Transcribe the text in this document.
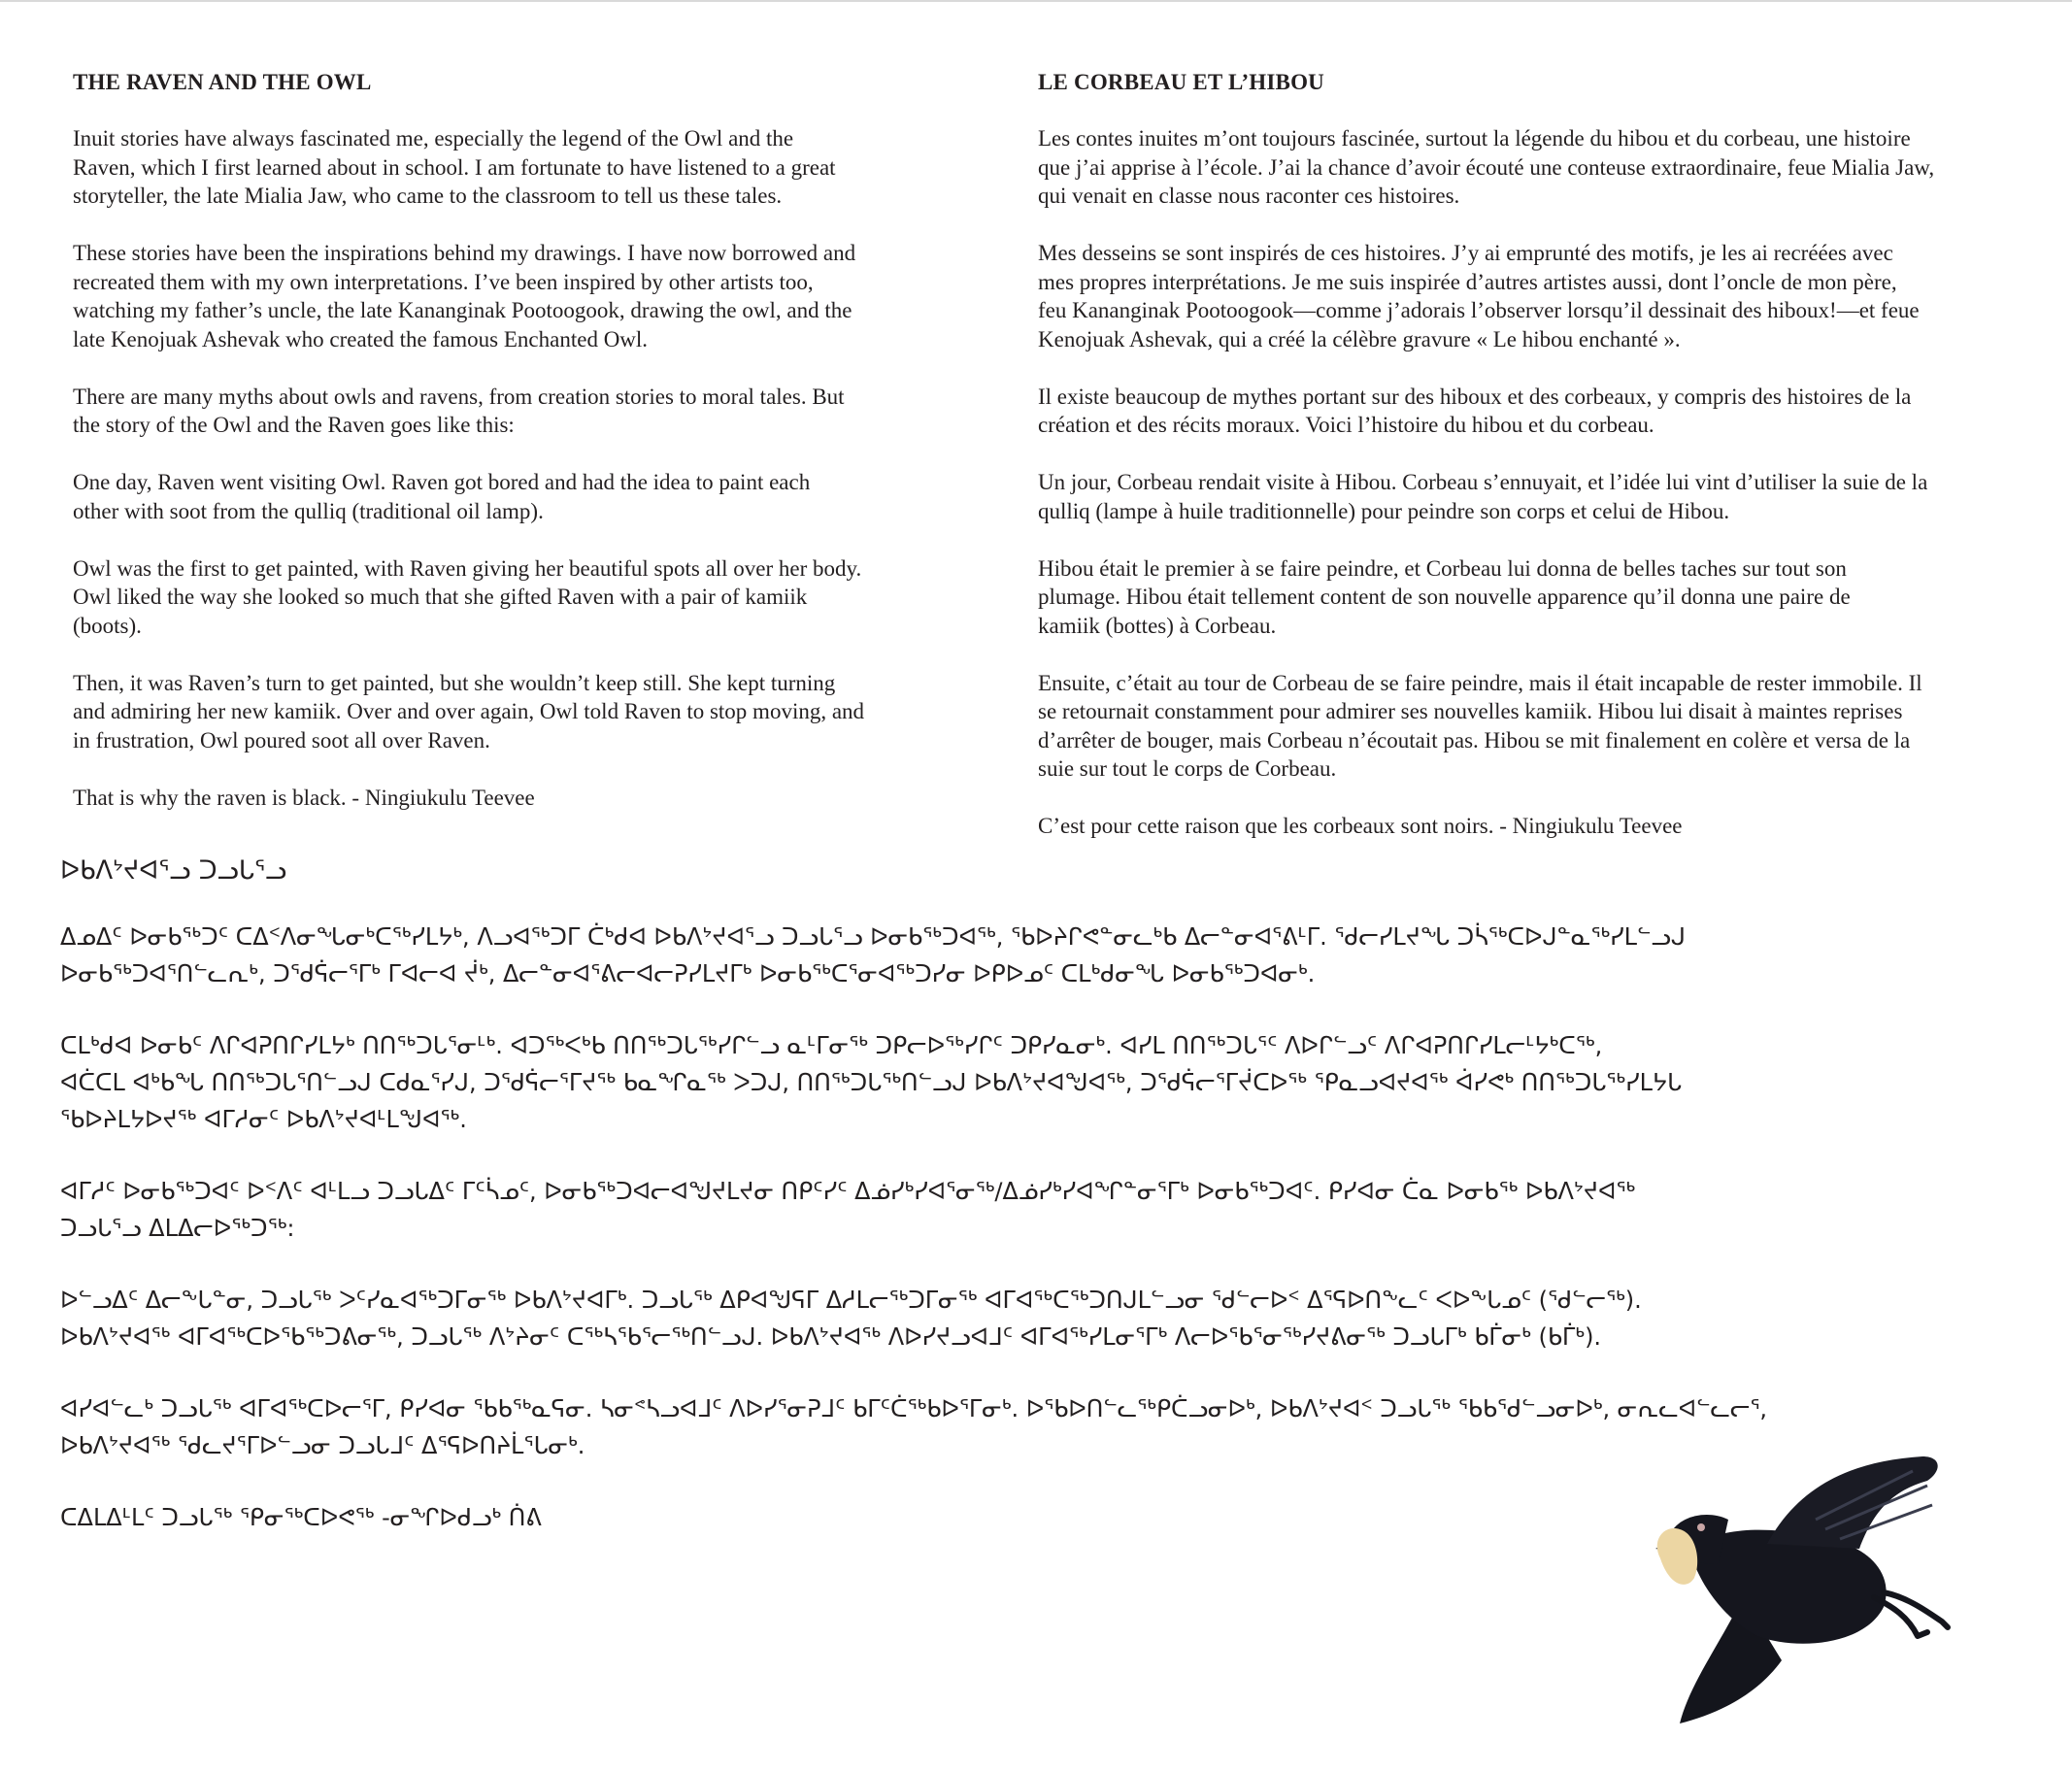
THE RAVEN AND THE OWL

Inuit stories have always fascinated me, especially the legend of the Owl and the
Raven, which I first learned about in school. I am fortunate to have listened to a great
storyteller, the late Mialia Jaw, who came to the classroom to tell us these tales.

These stories have been the inspirations behind my drawings. I have now borrowed and
recreated them with my own interpretations. I’ve been inspired by other artists too,
watching my father’s uncle, the late Kananginak Pootoogook, drawing the owl, and the
late Kenojuak Ashevak who created the famous Enchanted Owl.

There are many myths about owls and ravens, from creation stories to moral tales. But
the story of the Owl and the Raven goes like this:

One day, Raven went visiting Owl. Raven got bored and had the idea to paint each
other with soot from the qulliq (traditional oil lamp).

Owl was the first to get painted, with Raven giving her beautiful spots all over her body.
Owl liked the way she looked so much that she gifted Raven with a pair of kamiik
(boots).

Then, it was Raven’s turn to get painted, but she wouldn’t keep still. She kept turning
and admiring her new kamiik. Over and over again, Owl told Raven to stop moving, and
in frustration, Owl poured soot all over Raven.

That is why the raven is black. - Ningiukulu Teevee

LE CORBEAU ET L’HIBOU

Les contes inuites m’ont toujours fascinée, surtout la légende du hibou et du corbeau, une histoire
que j’ai apprise à l’école. J’ai la chance d’avoir écouté une conteuse extraordinaire, feue Mialia Jaw,
qui venait en classe nous raconter ces histoires.

Mes desseins se sont inspirés de ces histoires. J’y ai emprunté des motifs, je les ai recréées avec
mes propres interprétations. Je me suis inspirée d’autres artistes aussi, dont l’oncle de mon père,
feu Kananginak Pootoogook—comme j’adorais l’observer lorsqu’il dessinait des hiboux!—et feue
Kenojuak Ashevak, qui a créé la célèbre gravure « Le hibou enchanté ».

Il existe beaucoup de mythes portant sur des hiboux et des corbeaux, y compris des histoires de la
création et des récits moraux. Voici l’histoire du hibou et du corbeau.

Un jour, Corbeau rendait visite à Hibou. Corbeau s’ennuyait, et l’idée lui vint d’utiliser la suie de la
qulliq (lampe à huile traditionnelle) pour peindre son corps et celui de Hibou.

Hibou était le premier à se faire peindre, et Corbeau lui donna de belles taches sur tout son
plumage. Hibou était tellement content de son nouvelle apparence qu’il donna une paire de
kamiik (bottes) à Corbeau.

Ensuite, c’était au tour de Corbeau de se faire peindre, mais il était incapable de rester immobile. Il
se retournait constamment pour admirer ses nouvelles kamiik. Hibou lui disait à maintes reprises
d’arrêter de bouger, mais Corbeau n’écoutait pas. Hibou se mit finalement en colère et versa de la
suie sur tout le corps de Corbeau.

C’est pour cette raison que les corbeaux sont noirs. - Ningiukulu Teevee

ᐅᑲᐱᔾᔪᐊᕐᓗ ᑐᓗᒐᕐᓗ

ᐃᓄᐃᑦ ᐅᓂᑲᖅᑐᑦ ᑕᐃᑉᐱᓂᖓᓂᒃᑕᖅᓯᒪᔭᒃ, ᐱᓗᐊᖅᑐᒥ ᑖᒃᑯᐊ ᐅᑲᐱᔾᔪᐊᕐᓗ ᑐᓗᒐᕐᓗ ᐅᓂᑲᖅᑐᐊᖅ, ᖃᐅᔨᒋᕙᓐᓂᓚᒃᑲ ᐃᓕᓐᓂᐊᕐᕕᒻᒥ. ᖁᓕᓯᒪᔪᖓ ᑐᓵᖅᑕᐅᒍᓐᓇᖅᓯᒪᓪᓗᒍ
ᐅᓂᑲᖅᑐᐊᕐᑎᓪᓚᕆᒃ, ᑐᖁᕌᓕᕐᒥᒃ ᒥᐊᓕᐊ ᔫᒃ, ᐃᓕᓐᓂᐊᕐᕕᓕᐊᓕᕈᓯᒪᔪᒥᒃ ᐅᓂᑲᖅᑕᕐᓂᐊᖅᑐᓯᓂ ᐅᑭᐅᓄᑦ ᑕᒪᒃᑯᓂᖓ ᐅᓂᑲᖅᑐᐊᓂᒃ.

ᑕᒪᒃᑯᐊ ᐅᓂᑲᑦ ᐱᒋᐊᕈᑎᒋᓯᒪᔭᒃ ᑎᑎᖅᑐᒐᕐᓂᒻᒃ. ᐊᑐᖅᐸᒃᑲ ᑎᑎᖅᑐᒐᖅᓯᒋᓪᓗ ᓇᒻᒥᓂᖅ ᑐᑭᓕᐅᖅᓯᒋᑦ ᑐᑭᓯᓇᓂᒃ. ᐊᓯᒪ ᑎᑎᖅᑐᒐᕐᑦ ᐱᐅᒋᓪᓗᑦ ᐱᒋᐊᕈᑎᒋᓯᒪᓕᒻᔭᒃᑕᖅ,
ᐊᑖᑕᒪ ᐊᒃᑲᖓ ᑎᑎᖅᑐᒐᕐᑎᓪᓗᒍ ᑕᑯᓇᕐᓯᒍ, ᑐᖁᕌᓕᕐᒥᔪᖅ ᑲᓇᖏᓇᖅ ᐳᑐᒍ, ᑎᑎᖅᑐᒐᖅᑎᓪᓗᒍ ᐅᑲᐱᔾᔪᐊᖑᐊᕐᒃ, ᑐᖁᕌᓕᕐᒥᔫᑕᐅᖅ ᕿᓇᓗᐊᔪᐊᖅ ᐋᓯᕙᒃ ᑎᑎᖅᑐᒐᖅᓯᒪᔭᒐ
ᖃᐅᔨᒪᔭᐅᔪᖅ ᐊᒥᓱᓂᑦ ᐅᑲᐱᔾᔪᐊᒻᒪᖑᐊᖅ.

ᐊᒥᓱᑦ ᐅᓂᑲᖅᑐᐊᑦ ᐅᑉᐱᑦ ᐊᒻᒪᓗ ᑐᓗᒐᐃᑦ ᒥᑦᓵᓄᑦ, ᐅᓂᑲᖅᑐᐊᓕᐊᖑᔪᒪᔪᓂ ᑎᑭᑦᓯᑦ ᐃᓅᓯᒃᓯᐊᕐᓂᖅ/ᐃᓅᓯᒃᓯᐊᖏᓐᓂᕐᒥᒃ ᐅᓂᑲᖅᑐᐊᑦ. ᑭᓯᐊᓂ ᑖᓇ ᐅᓂᑲᖅ ᐅᑲᐱᔾᔪᐊᖅ
ᑐᓗᒐᕐᓗ ᐃᒪᐃᓕᐅᖅᑐᖅ:

ᐅᓪᓗᐃᑦ ᐃᓕᖕᒐᓐᓂ, ᑐᓗᒐᖅ ᐳᑦᓯᓇᐊᖅᑐᒥᓂᖅ ᐅᑲᐱᔾᔪᐊᒥᒃ. ᑐᓗᒐᖅ ᐃᑭᐊᖑᕋᒥ ᐃᓱᒪᓕᖅᑐᒥᓂᖅ ᐊᒥᐊᖅᑕᖅᑐᑎᒍᒪᓪᓗᓂ ᖁᓪᓕᐅᑉ ᐃᕐᕋᐅᑎᖕᓚᑦ ᐸᐅᖕᒐᓄᑦ (ᖁᓪᓕᖅ).
ᐅᑲᐱᔾᔪᐊᖅ ᐊᒥᐊᖅᑕᐅᖃᖅᑐᕕᓂᖅ, ᑐᓗᒐᖅ ᐱᔾᔨᓂᑦ ᑕᖅᓴᖃᕐᓕᖅᑎᓪᓗᒍ. ᐅᑲᐱᔾᔪᐊᖅ ᐱᐅᓯᔪᓗᐊᒧᑦ ᐊᒥᐊᖅᓯᒪᓂᕐᒥᒃ ᐱᓕᐅᖃᕐᓂᖅᓯᔪᕕᓂᖅ ᑐᓗᒐᒥᒃ ᑲᒦᓂᒃ (ᑲᒦᒃ).

ᐊᓯᐊᓪᓚᒃ ᑐᓗᒐᖅ ᐊᒥᐊᖅᑕᐅᓕᕐᒥ, ᑭᓯᐊᓂ ᖃᑲᖅᓇᕋᓂ. ᓴᓂᕝᓴᓗᐊᒧᑦ ᐱᐅᓯᕐᓂᕈᒧᑦ ᑲᒥᑦᑖᖅᑲᐅᕐᒥᓂᒃ. ᐅᖃᐅᑎᓪᓚᖅᑭᑖᓗᓂᐅᒃ, ᐅᑲᐱᔾᔪᐊᑉ ᑐᓗᒐᖅ ᖃᑲᖁᓪᓗᓂᐅᒃ, ᓂᕆᓚᐊᓪᓚᓕᕐ,
ᐅᑲᐱᔾᔪᐊᖅ ᖁᓚᔪᕐᒥᐅᓪᓗᓂ ᑐᓗᒐᒧᑦ ᐃᕐᕋᐅᑎᔨᒫᕐᒐᓂᒃ.

ᑕᐃᒪᐃᒻᒪᑦ ᑐᓗᒐᖅ ᕿᓂᖅᑕᐅᕙᖅ -ᓂᖏᐅᑯᓗᒃ ᑏᕕ
